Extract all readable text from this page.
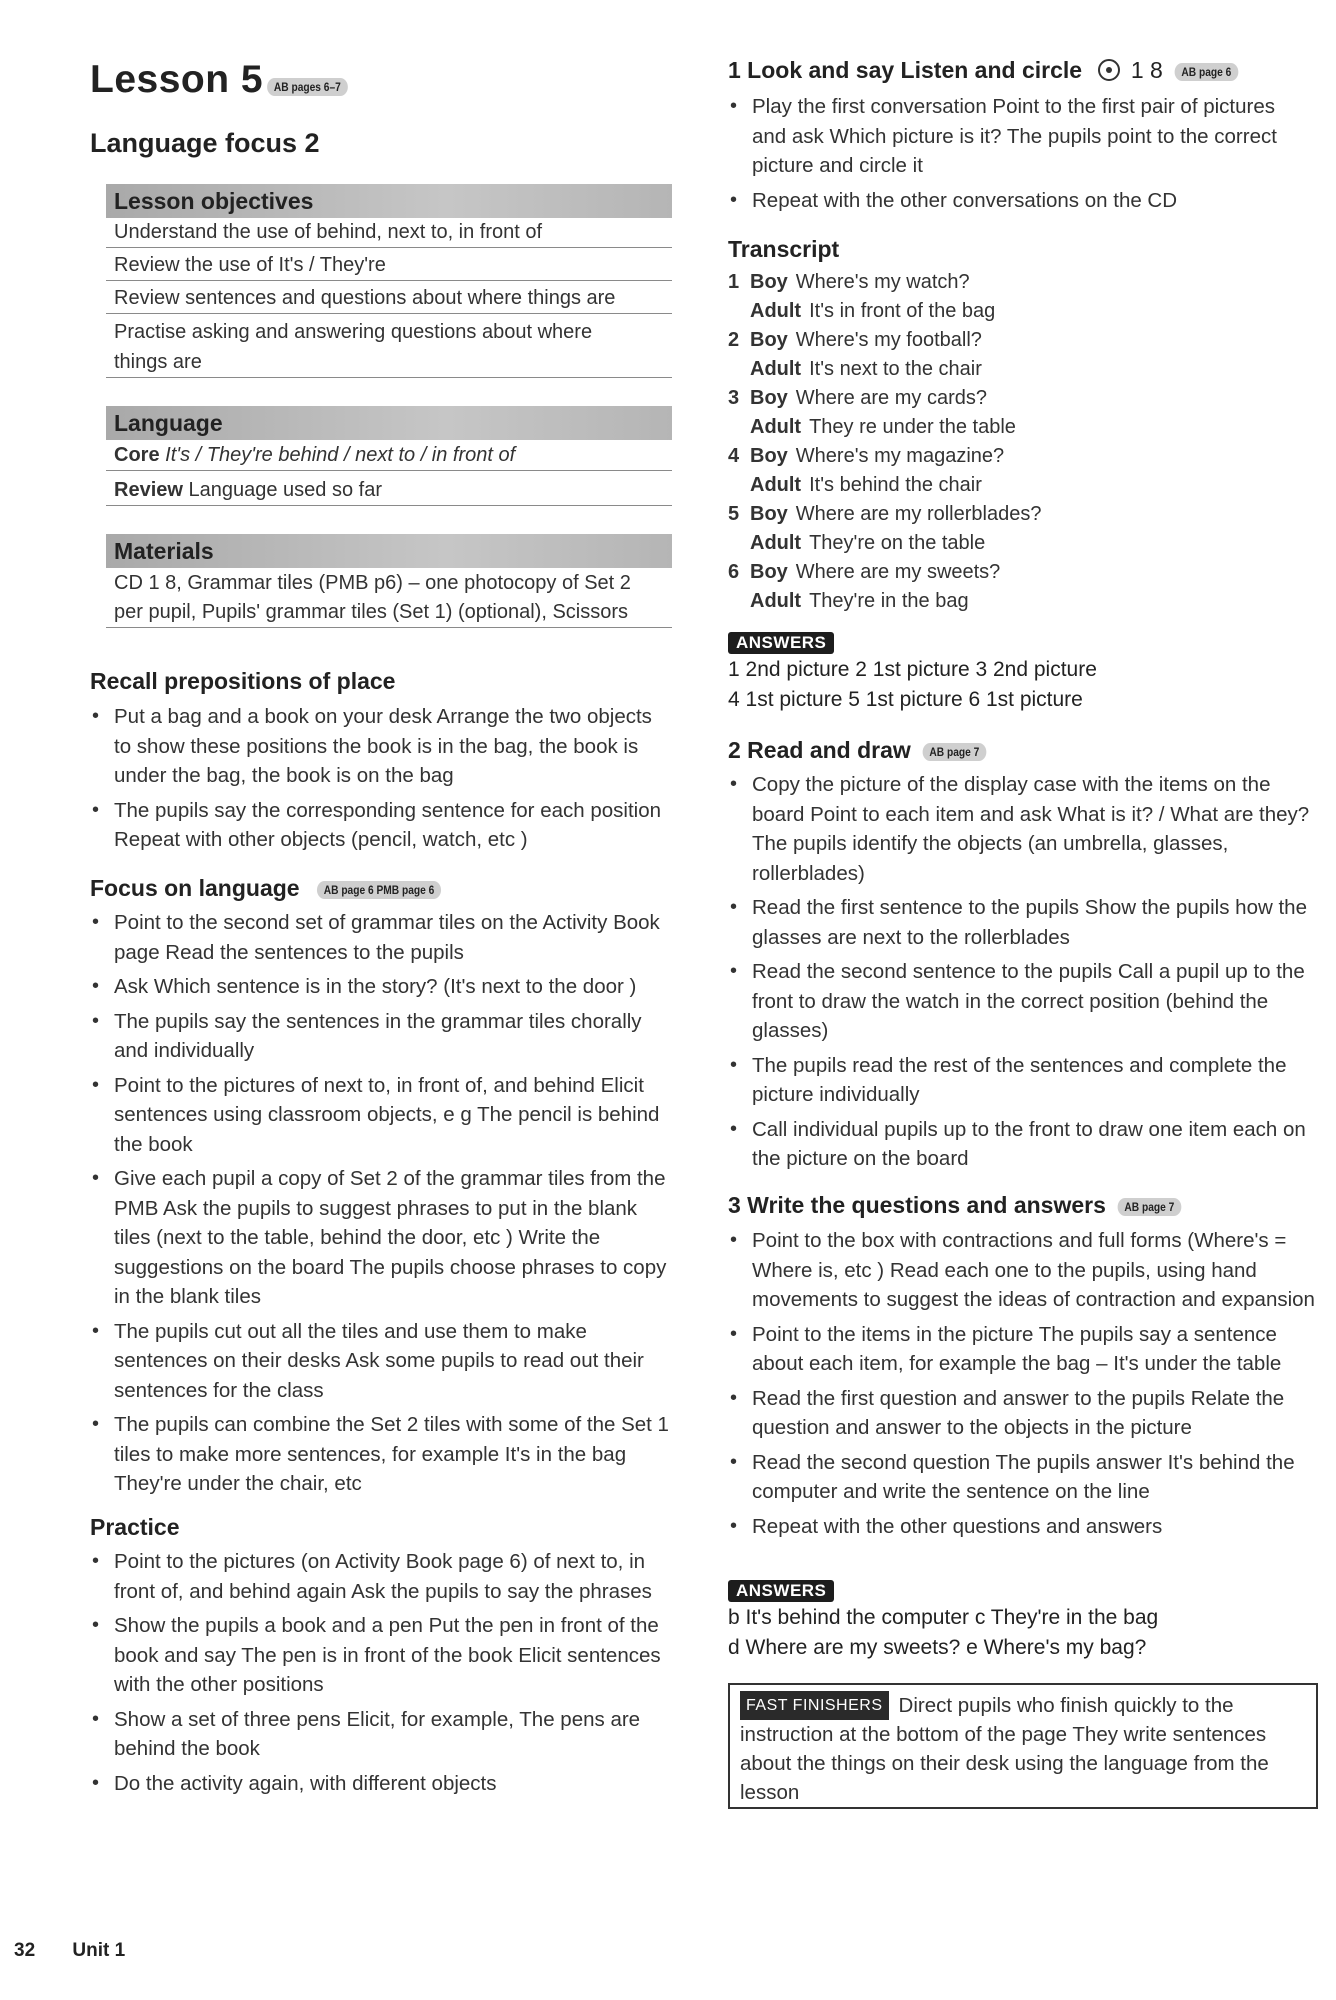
Lesson 5 AB pages 6–7
Language focus 2
Lesson objectives
Understand the use of behind, next to, in front of
Review the use of It's / They're
Review sentences and questions about where things are
Practise asking and answering questions about where
things are
Language
Core It's / They're behind / next to / in front of
Review Language used so far
Materials
CD 1 8, Grammar tiles (PMB p6) – one photocopy of Set 2
per pupil, Pupils' grammar tiles (Set 1) (optional), Scissors
Recall prepositions of place
• Put a bag and a book on your desk Arrange the two objects to show these positions the book is in the bag, the book is under the bag, the book is on the bag
• The pupils say the corresponding sentence for each position Repeat with other objects (pencil, watch, etc )
Focus on language AB page 6 PMB page 6
• Point to the second set of grammar tiles on the Activity Book page Read the sentences to the pupils
• Ask Which sentence is in the story? (It's next to the door )
• The pupils say the sentences in the grammar tiles chorally and individually
• Point to the pictures of next to, in front of, and behind Elicit sentences using classroom objects, e g The pencil is behind the book
• Give each pupil a copy of Set 2 of the grammar tiles from the PMB Ask the pupils to suggest phrases to put in the blank tiles (next to the table, behind the door, etc ) Write the suggestions on the board The pupils choose phrases to copy in the blank tiles
• The pupils cut out all the tiles and use them to make sentences on their desks Ask some pupils to read out their sentences for the class
• The pupils can combine the Set 2 tiles with some of the Set 1 tiles to make more sentences, for example It's in the bag They're under the chair, etc
Practice
• Point to the pictures (on Activity Book page 6) of next to, in front of, and behind again Ask the pupils to say the phrases
• Show the pupils a book and a pen Put the pen in front of the book and say The pen is in front of the book Elicit sentences with the other positions
• Show a set of three pens Elicit, for example, The pens are behind the book
• Do the activity again, with different objects
1 Look and say Listen and circle 1 8 AB page 6
• Play the first conversation Point to the first pair of pictures and ask Which picture is it? The pupils point to the correct picture and circle it
• Repeat with the other conversations on the CD
Transcript
1 Boy Where's my watch?
Adult It's in front of the bag
2 Boy Where's my football?
Adult It's next to the chair
3 Boy Where are my cards?
Adult They re under the table
4 Boy Where's my magazine?
Adult It's behind the chair
5 Boy Where are my rollerblades?
Adult They're on the table
6 Boy Where are my sweets?
Adult They're in the bag
ANSWERS
1 2nd picture 2 1st picture 3 2nd picture
4 1st picture 5 1st picture 6 1st picture
2 Read and draw AB page 7
• Copy the picture of the display case with the items on the board Point to each item and ask What is it? / What are they? The pupils identify the objects (an umbrella, glasses, rollerblades)
• Read the first sentence to the pupils Show the pupils how the glasses are next to the rollerblades
• Read the second sentence to the pupils Call a pupil up to the front to draw the watch in the correct position (behind the glasses)
• The pupils read the rest of the sentences and complete the picture individually
• Call individual pupils up to the front to draw one item each on the picture on the board
3 Write the questions and answers AB page 7
• Point to the box with contractions and full forms (Where's = Where is, etc ) Read each one to the pupils, using hand movements to suggest the ideas of contraction and expansion
• Point to the items in the picture The pupils say a sentence about each item, for example the bag – It's under the table
• Read the first question and answer to the pupils Relate the question and answer to the objects in the picture
• Read the second question The pupils answer It's behind the computer and write the sentence on the line
• Repeat with the other questions and answers
ANSWERS
b It's behind the computer c They're in the bag
d Where are my sweets? e Where's my bag?
FAST FINISHERS Direct pupils who finish quickly to the instruction at the bottom of the page They write sentences about the things on their desk using the language from the lesson
32 Unit 1
